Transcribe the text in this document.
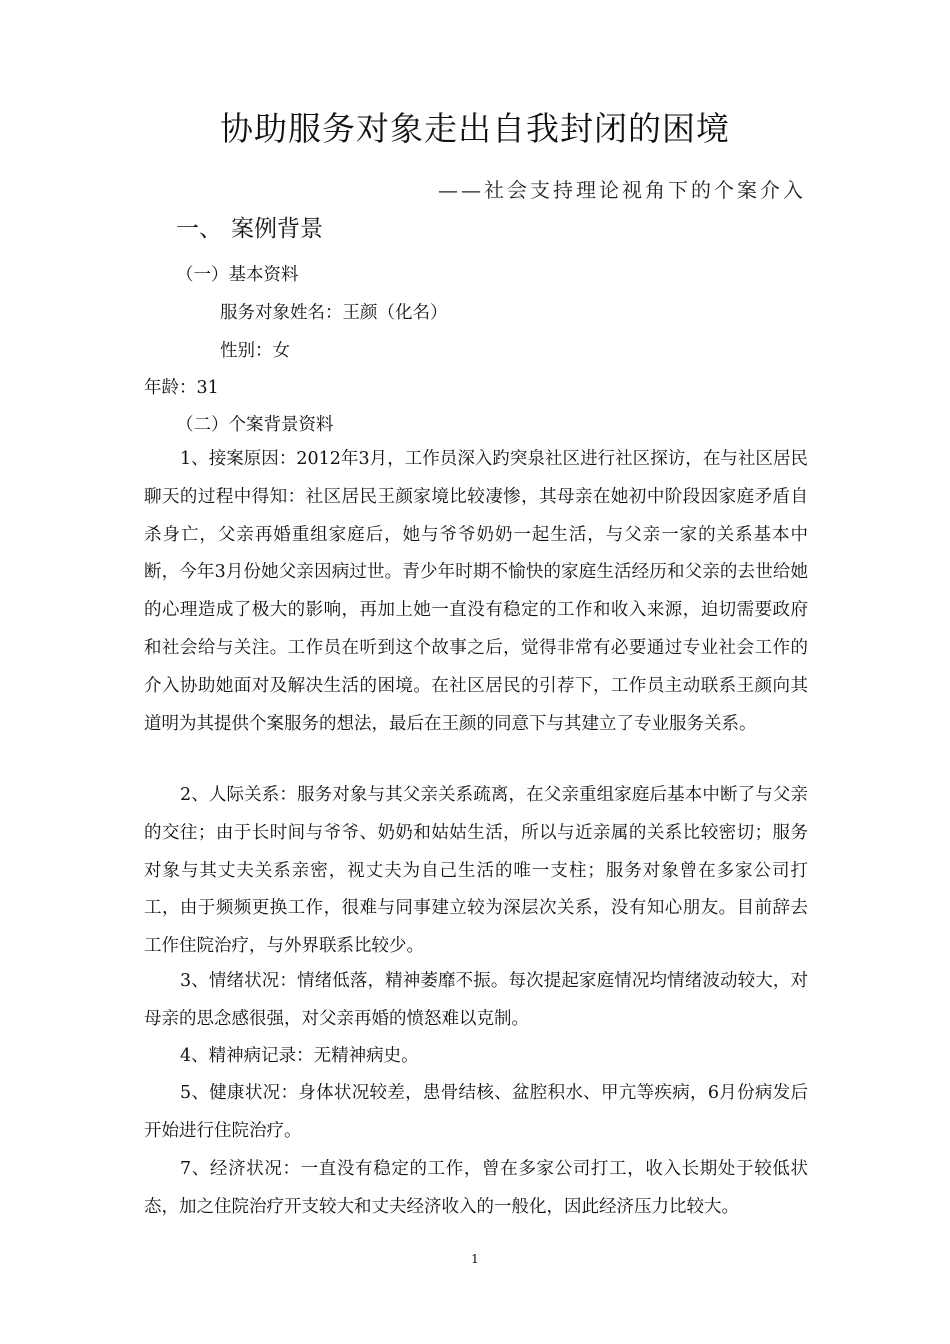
协助服务对象走出自我封闭的困境
——社会支持理论视角下的个案介入
一、 案例背景
（一）基本资料
服务对象姓名：王颜（化名）
性别：女
年龄：31
（二）个案背景资料
1、接案原因：2012年3月，工作员深入趵突泉社区进行社区探访，在与社区居民聊天的过程中得知：社区居民王颜家境比较凄惨，其母亲在她初中阶段因家庭矛盾自杀身亡，父亲再婚重组家庭后，她与爷爷奶奶一起生活，与父亲一家的关系基本中断，今年3月份她父亲因病过世。青少年时期不愉快的家庭生活经历和父亲的去世给她的心理造成了极大的影响，再加上她一直没有稳定的工作和收入来源，迫切需要政府和社会给与关注。工作员在听到这个故事之后，觉得非常有必要通过专业社会工作的介入协助她面对及解决生活的困境。在社区居民的引荐下，工作员主动联系王颜向其道明为其提供个案服务的想法，最后在王颜的同意下与其建立了专业服务关系。
2、人际关系：服务对象与其父亲关系疏离，在父亲重组家庭后基本中断了与父亲的交往；由于长时间与爷爷、奶奶和姑姑生活，所以与近亲属的关系比较密切；服务对象与其丈夫关系亲密，视丈夫为自己生活的唯一支柱；服务对象曾在多家公司打工，由于频频更换工作，很难与同事建立较为深层次关系，没有知心朋友。目前辞去工作住院治疗，与外界联系比较少。
3、情绪状况：情绪低落，精神萎靡不振。每次提起家庭情况均情绪波动较大，对母亲的思念感很强，对父亲再婚的愤怒难以克制。
4、精神病记录：无精神病史。
5、健康状况：身体状况较差，患骨结核、盆腔积水、甲亢等疾病，6月份病发后开始进行住院治疗。
7、经济状况：一直没有稳定的工作，曾在多家公司打工，收入长期处于较低状态，加之住院治疗开支较大和丈夫经济收入的一般化，因此经济压力比较大。
1
